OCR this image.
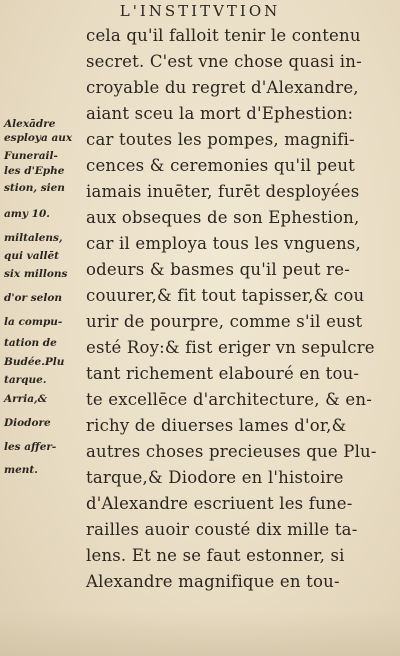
L'INSTITVTION
cela qu'il falloit tenir le contenu
secret. C'est vne chose quasi in-
croyable du regret d'Alexandre,
aiant sceu la mort d'Ephestion:
car toutes les pompes, magnifi-
cences & ceremonies qu'il peut
iamais inuēter, furēt desployées
aux obseques de son Ephestion,
car il employa tous les vnguens,
odeurs & basmes qu'il peut re-
couurer,& fit tout tapisser,& cou
urir de pourpre, comme s'il eust
esté Roy:& fist eriger vn sepulcre
tant richement elabouré en tou-
te excellēce d'architecture, & en-
richy de diuerses lames d'or,&
autres choses precieuses que Plu-
tarque,& Diodore en l'histoire
d'Alexandre escriuent les fune-
railles auoir cousté dix mille ta-
lens. Et ne se faut estonner, si
Alexandre magnifique en tou-
Alexādre
esploya aux
Funerail-
les d'Ephe
stion, sien
amy 10.
miltalens,
qui vallēt
six millons
d'or selon
la compu-
tation de
Budée.Plu
tarque.
Arria,&
Diodore
les affer-
ment.
